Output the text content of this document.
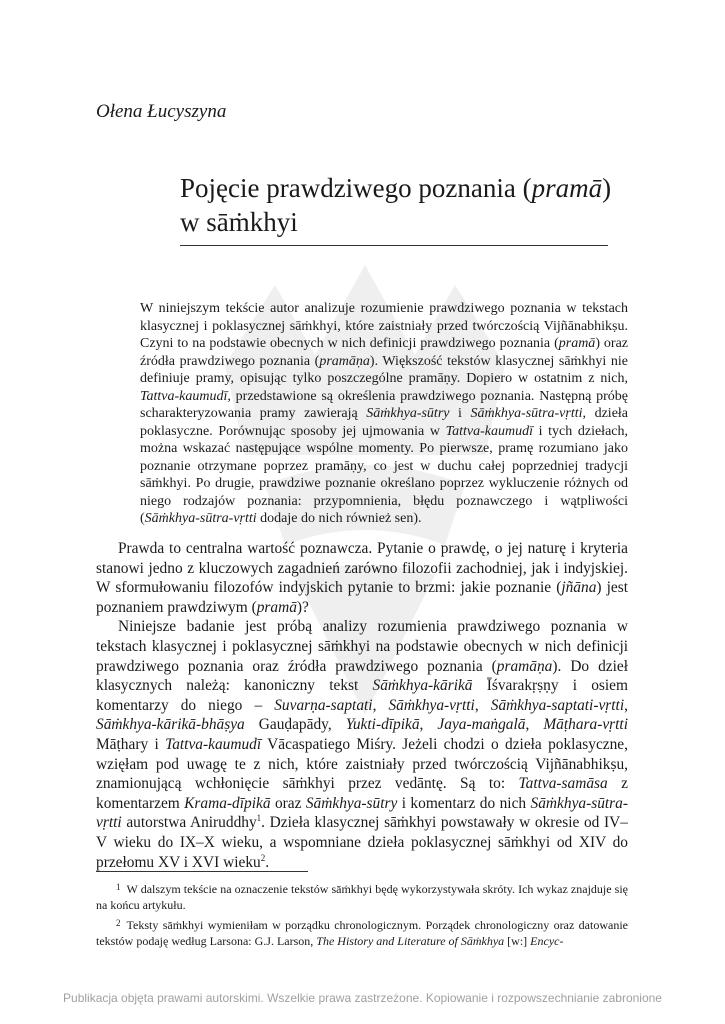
Ołena Łucyszyna
Pojęcie prawdziwego poznania (pramā)
w sāṁkhyi
W niniejszym tekście autor analizuje rozumienie prawdziwego poznania w tekstach klasycznej i poklasycznej sāṁkhyi, które zaistniały przed twórczością Vijñānabhikṣu. Czyni to na podstawie obecnych w nich definicji prawdziwego poznania (pramā) oraz źródła prawdziwego poznania (pramāṇa). Większość tekstów klasycznej sāṁkhyi nie definiuje pramy, opisując tylko poszczególne pramāṇy. Dopiero w ostatnim z nich, Tattva-kaumudī, przedstawione są określenia prawdziwego poznania. Następną próbę scharakteryzowania pramy zawierają Sāṁkhya-sūtry i Sāṁkhya-sūtra-vṛtti, dzieła poklasyczne. Porównując sposoby jej ujmowania w Tattva-kaumudī i tych dziełach, można wskazać następujące wspólne momenty. Po pierwsze, pramę rozumiano jako poznanie otrzymane poprzez pramāṇy, co jest w duchu całej poprzedniej tradycji sāṁkhyi. Po drugie, prawdziwe poznanie określano poprzez wykluczenie różnych od niego rodzajów poznania: przypomnienia, błędu poznawczego i wątpliwości (Sāṁkhya-sūtra-vṛtti dodaje do nich również sen).

Prawda to centralna wartość poznawcza. Pytanie o prawdę, o jej naturę i kryteria stanowi jedno z kluczowych zagadnień zarówno filozofii zachodniej, jak i indyjskiej. W sformułowaniu filozofów indyjskich pytanie to brzmi: jakie poznanie (jñāna) jest poznaniem prawdziwym (pramā)?

Niniejsze badanie jest próbą analizy rozumienia prawdziwego poznania w tekstach klasycznej i poklasycznej sāṁkhyi na podstawie obecnych w nich definicji prawdziwego poznania oraz źródła prawdziwego poznania (pramāṇa). Do dzieł klasycznych należą: kanoniczny tekst Sāṁkhya-kārikā Īśvarakṛṣṇy i osiem komentarzy do niego – Suvarṇa-saptati, Sāṁkhya-vṛtti, Sāṁkhya-saptati-vṛtti, Sāṁkhya-kārikā-bhāṣya Gauḍapādy, Yukti-dīpikā, Jaya-maṅgalā, Māṭhara-vṛtti Māṭhary i Tattva-kaumudī Vācaspatiego Miśry. Jeżeli chodzi o dzieła poklasyczne, wzięłam pod uwagę te z nich, które zaistniały przed twórczością Vijñānabhikṣu, znamionującą wchłonięcie sāṁkhyi przez vedāntę. Są to: Tattva-samāsa z komentarzem Krama-dīpikā oraz Sāṁkhya-sūtry i komentarz do nich Sāṁkhya-sūtra-vṛtti autorstwa Aniruddhy$^1$. Dzieła klasycznej sāṁkhyi powstawały w okresie od IV–V wieku do IX–X wieku, a wspomniane dzieła poklasycznej sāṁkhyi od XIV do przełomu XV i XVI wieku$^2$.

$^1$ W dalszym tekście na oznaczenie tekstów sāṁkhyi będę wykorzystywała skróty. Ich wykaz znajduje się na końcu artykułu.

$^2$ Teksty sāṁkhyi wymieniłam w porządku chronologicznym. Porządek chronologiczny oraz datowanie tekstów podaję według Larsona: G.J. Larson, The History and Literature of Sāṁkhya [w:] Encyc-

Publikacja objęta prawami autorskimi. Wszelkie prawa zastrzeżone. Kopiowanie i rozpowszechnianie zabronione
